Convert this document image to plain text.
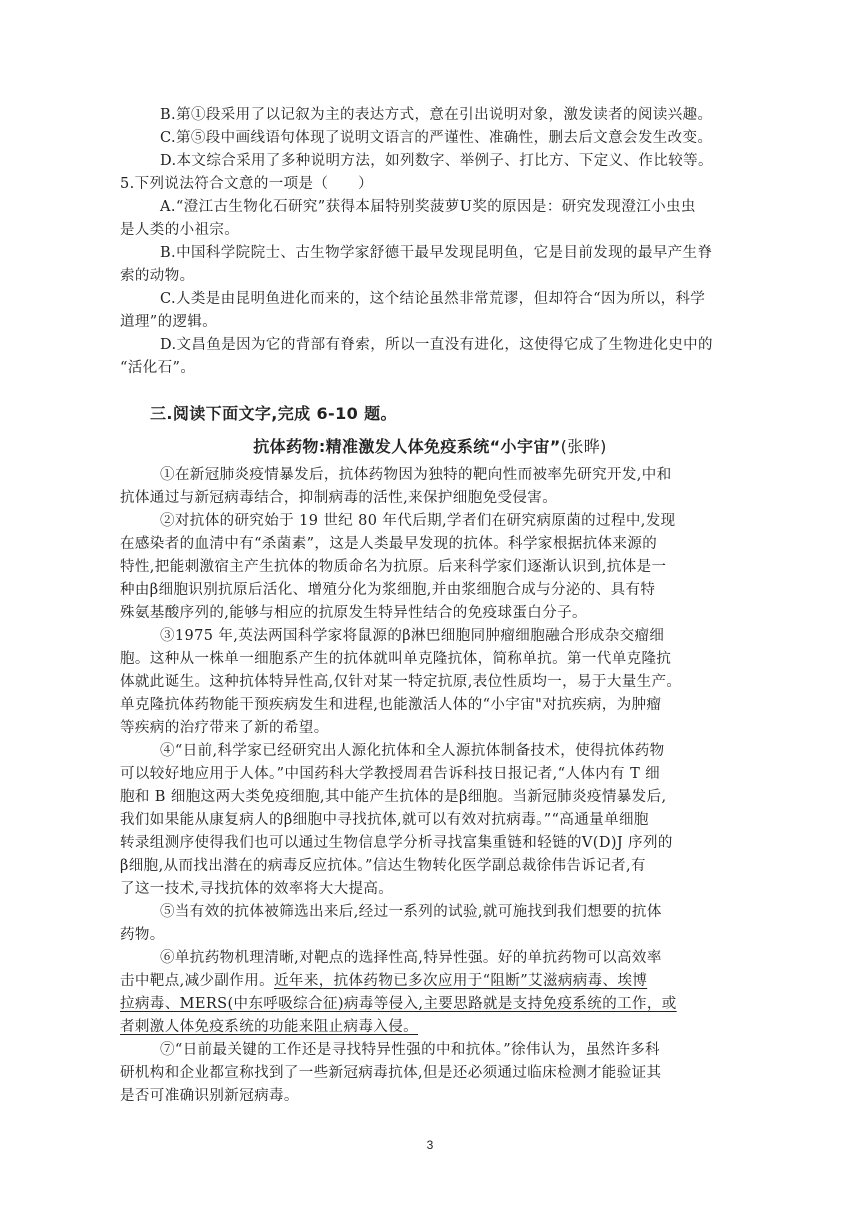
B.第①段采用了以记叙为主的表达方式，意在引出说明对象，激发读者的阅读兴趣。
C.第⑤段中画线语句体现了说明文语言的严谨性、准确性，删去后文意会发生改变。
D.本文综合采用了多种说明方法，如列数字、举例子、打比方、下定义、作比较等。
5.下列说法符合文意的一项是（　　）
A.“澄江古生物化石研究”获得本届特别奖菠萝U奖的原因是：研究发现澄江小虫虫
是人类的小祖宗。
B.中国科学院院士、古生物学家舒德干最早发现昆明鱼，它是目前发现的最早产生脊
索的动物。
C.人类是由昆明鱼进化而来的，这个结论虽然非常荒谬，但却符合“因为所以，科学
道理”的逻辑。
D.文昌鱼是因为它的背部有脊索，所以一直没有进化，这使得它成了生物进化史中的
“活化石”。
三.阅读下面文字,完成 6-10 题。
抗体药物:精准激发人体免疫系统“小宇宙”(张晔)
①在新冠肺炎疫情暴发后，抗体药物因为独特的靶向性而被率先研究开发,中和
抗体通过与新冠病毒结合，抑制病毒的活性,来保护细胞免受侵害。
②对抗体的研究始于 19 世纪 80 年代后期,学者们在研究病原菌的过程中,发现
在感染者的血清中有“杀菌素”，这是人类最早发现的抗体。科学家根据抗体来源的
特性,把能刺激宿主产生抗体的物质命名为抗原。后来科学家们逐渐认识到,抗体是一
种由β细胞识别抗原后活化、增殖分化为浆细胞,并由浆细胞合成与分泌的、具有特
殊氨基酸序列的,能够与相应的抗原发生特异性结合的免疫球蛋白分子。
③1975 年,英法两国科学家将鼠源的β淋巴细胞同肿瘤细胞融合形成杂交瘤细
胞。这种从一株单一细胞系产生的抗体就叫单克隆抗体，简称单抗。第一代单克隆抗
体就此诞生。这种抗体特异性高,仅针对某一特定抗原,表位性质均一，易于大量生产。
单克隆抗体药物能干预疾病发生和进程,也能激活人体的“小宇宙"对抗疾病，为肿瘤
等疾病的治疗带来了新的希望。
④“日前,科学家已经研究出人源化抗体和全人源抗体制备技术，使得抗体药物
可以较好地应用于人体。”中国药科大学教授周君告诉科技日报记者,“人体内有 T 细
胞和 B 细胞这两大类免疫细胞,其中能产生抗体的是β细胞。当新冠肺炎疫情暴发后,
我们如果能从康复病人的β细胞中寻找抗体,就可以有效对抗病毒。”“高通量单细胞
转录组测序使得我们也可以通过生物信息学分析寻找富集重链和轻链的Ⅴ(D)J 序列的
β细胞,从而找出潜在的病毒反应抗体。”信达生物转化医学副总裁徐伟告诉记者,有
了这一技术,寻找抗体的效率将大大提高。
⑤当有效的抗体被筛选出来后,经过一系列的试验,就可施找到我们想要的抗体
药物。
⑥单抗药物机理清晰,对靶点的选择性高,特异性强。好的单抗药物可以高效率
击中靶点,减少副作用。近年来，抗体药物已多次应用于“阻断”艾滋病病毒、埃博
拉病毒、MERS(中东呼吸综合征)病毒等侵入,主要思路就是支持免疫系统的工作，或
者刺激人体免疫系统的功能来阻止病毒入侵。
⑦“日前最关键的工作还是寻找特异性强的中和抗体。”徐伟认为，虽然许多科
研机构和企业都宣称找到了一些新冠病毒抗体,但是还必须通过临床检测才能验证其
是否可准确识别新冠病毒。
3
